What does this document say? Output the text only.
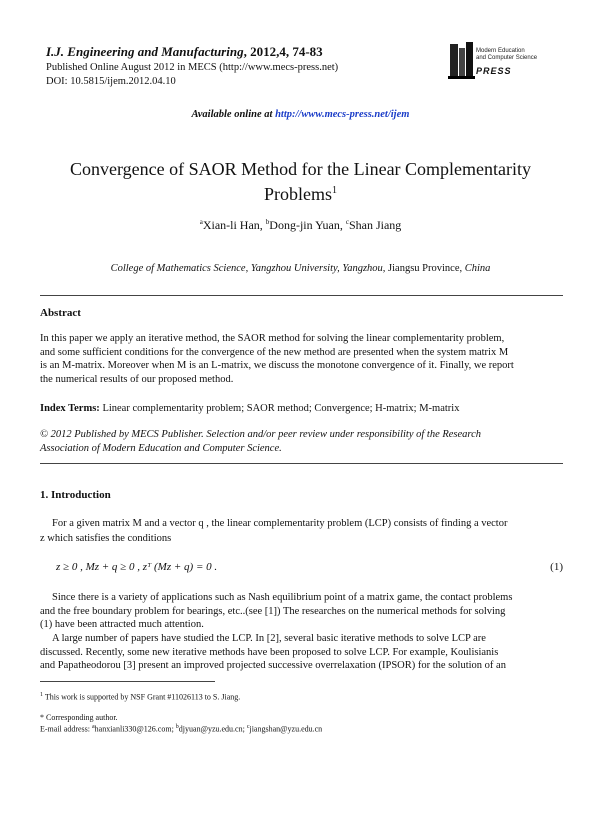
I.J. Engineering and Manufacturing, 2012,4, 74-83
Published Online August 2012 in MECS (http://www.mecs-press.net)
DOI: 10.5815/ijem.2012.04.10
Modern Education
and Computer Science
PRESS
Available online at http://www.mecs-press.net/ijem
Convergence of SAOR Method for the Linear Complementarity
Problems$^1$
$^a$Xian-li Han, $^b$Dong-jin Yuan, $^c$Shan Jiang
College of Mathematics Science, Yangzhou University, Yangzhou, Jiangsu Province, China
Abstract
In this paper we apply an iterative method, the SAOR method for solving the linear complementarity problem,
and some sufficient conditions for the convergence of the new method are presented when the system matrix M
is an M-matrix. Moreover when M is an L-matrix, we discuss the monotone convergence of it. Finally, we report
the numerical results of our proposed method.
Index Terms: Linear complementarity problem; SAOR method; Convergence; H-matrix; M-matrix
© 2012 Published by MECS Publisher. Selection and/or peer review under responsibility of the Research
Association of Modern Education and Computer Science.
1. Introduction
For a given matrix M and a vector q , the linear complementarity problem (LCP) consists of finding a vector
z which satisfies the conditions
z ≥ 0 , Mz + q ≥ 0 , zᵀ (Mz + q) = 0 .	(1)
Since there is a variety of applications such as Nash equilibrium point of a matrix game, the contact problems
and the free boundary problem for bearings, etc..(see [1]) The researches on the numerical methods for solving
(1) have been attracted much attention.
A large number of papers have studied the LCP. In [2], several basic iterative methods to solve LCP are
discussed. Recently, some new iterative methods have been proposed to solve LCP. For example, Koulisianis
and Papatheodorou [3] present an improved projected successive overrelaxation (IPSOR) for the solution of an
$^1$ This work is supported by NSF Grant #11026113 to S. Jiang.
* Corresponding author.
E-mail address: $^a$hanxianli330@126.com; $^b$djyuan@yzu.edu.cn; $^c$jiangshan@yzu.edu.cn
